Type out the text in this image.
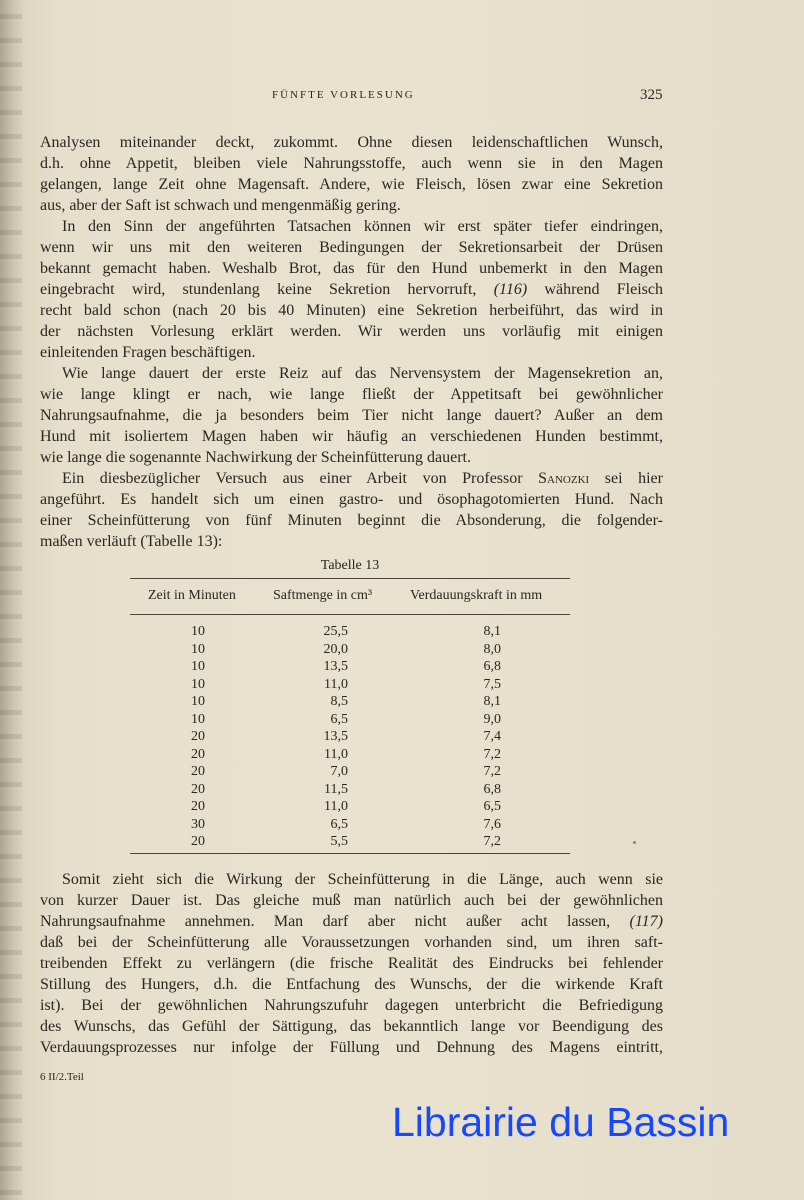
FÜNFTE VORLESUNG	325
Analysen miteinander deckt, zukommt. Ohne diesen leidenschaftlichen Wunsch,
d.h. ohne Appetit, bleiben viele Nahrungsstoffe, auch wenn sie in den Magen
gelangen, lange Zeit ohne Magensaft. Andere, wie Fleisch, lösen zwar eine Sekretion
aus, aber der Saft ist schwach und mengenmäßig gering.
In den Sinn der angeführten Tatsachen können wir erst später tiefer eindringen,
wenn wir uns mit den weiteren Bedingungen der Sekretionsarbeit der Drüsen
bekannt gemacht haben. Weshalb Brot, das für den Hund unbemerkt in den Magen
eingebracht wird, stundenlang keine Sekretion hervorruft, (116) während Fleisch
recht bald schon (nach 20 bis 40 Minuten) eine Sekretion herbeiführt, das wird in
der nächsten Vorlesung erklärt werden. Wir werden uns vorläufig mit einigen
einleitenden Fragen beschäftigen.
Wie lange dauert der erste Reiz auf das Nervensystem der Magensekretion an,
wie lange klingt er nach, wie lange fließt der Appetitsaft bei gewöhnlicher
Nahrungsaufnahme, die ja besonders beim Tier nicht lange dauert? Außer an dem
Hund mit isoliertem Magen haben wir häufig an verschiedenen Hunden bestimmt,
wie lange die sogenannte Nachwirkung der Scheinfütterung dauert.
Ein diesbezüglicher Versuch aus einer Arbeit von Professor Sanozki sei hier
angeführt. Es handelt sich um einen gastro- und ösophagotomierten Hund. Nach
einer Scheinfütterung von fünf Minuten beginnt die Absonderung, die folgender-
maßen verläuft (Tabelle 13):
Tabelle 13
Zeit in Minuten	Saftmenge in cm³	Verdauungskraft in mm
10	25,5	8,1
10	20,0	8,0
10	13,5	6,8
10	11,0	7,5
10	8,5	8,1
10	6,5	9,0
20	13,5	7,4
20	11,0	7,2
20	7,0	7,2
20	11,5	6,8
20	11,0	6,5
30	6,5	7,6
20	5,5	7,2
Somit zieht sich die Wirkung der Scheinfütterung in die Länge, auch wenn sie
von kurzer Dauer ist. Das gleiche muß man natürlich auch bei der gewöhnlichen
Nahrungsaufnahme annehmen. Man darf aber nicht außer acht lassen, (117)
daß bei der Scheinfütterung alle Voraussetzungen vorhanden sind, um ihren saft-
treibenden Effekt zu verlängern (die frische Realität des Eindrucks bei fehlender
Stillung des Hungers, d.h. die Entfachung des Wunschs, der die wirkende Kraft
ist). Bei der gewöhnlichen Nahrungszufuhr dagegen unterbricht die Befriedigung
des Wunschs, das Gefühl der Sättigung, das bekanntlich lange vor Beendigung des
Verdauungsprozesses nur infolge der Füllung und Dehnung des Magens eintritt,
6 II/2.Teil
Librairie du Bassin
